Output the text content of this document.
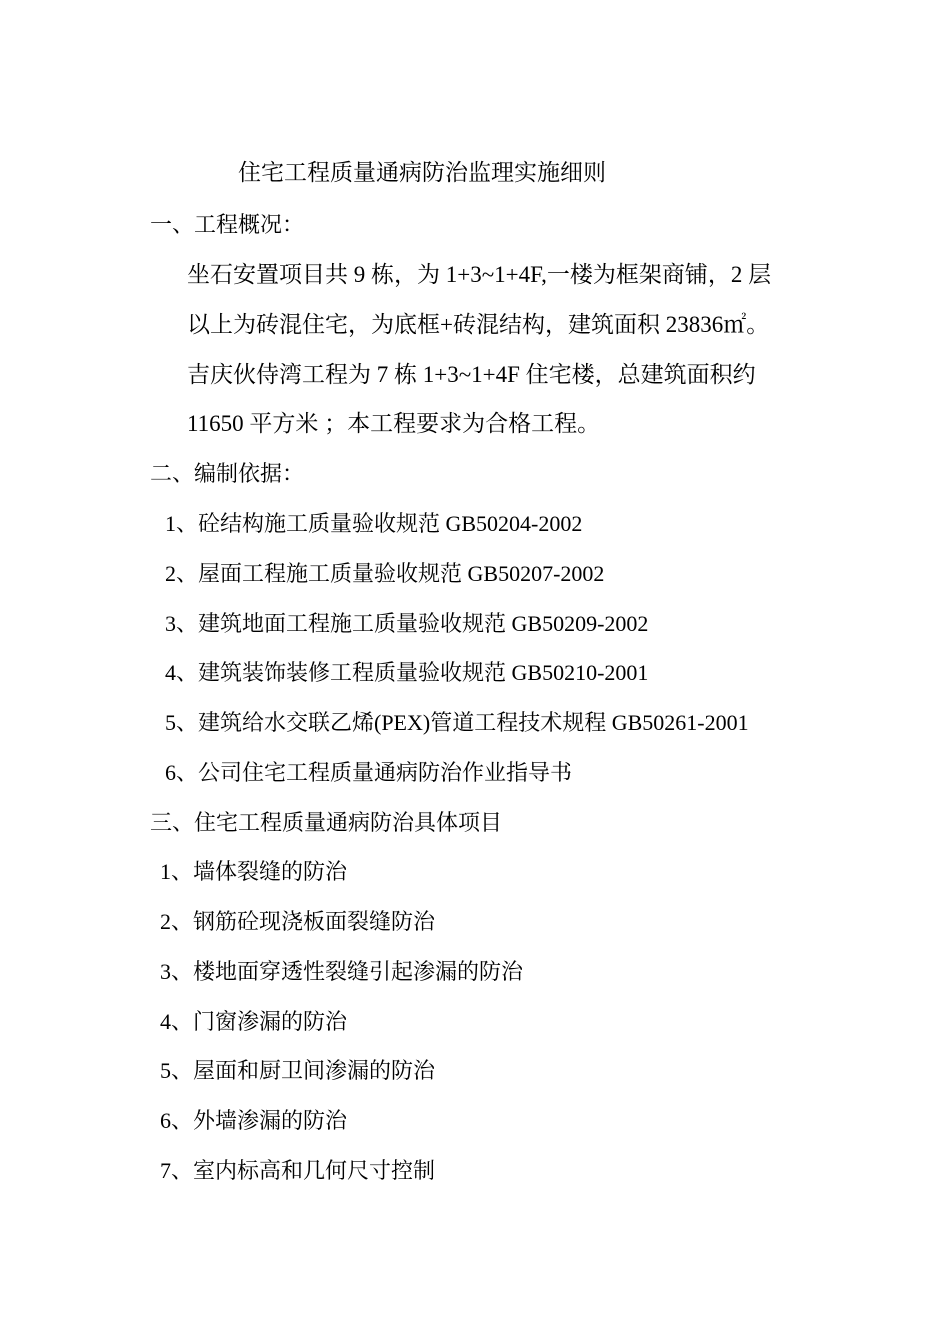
住宅工程质量通病防治监理实施细则
一、工程概况：
坐石安置项目共 9 栋，为 1+3~1+4F,一楼为框架商铺，2 层
以上为砖混住宅，为底框+砖混结构，建筑面积 23836㎡。
吉庆伙侍湾工程为 7 栋 1+3~1+4F 住宅楼，总建筑面积约
11650 平方米 ；本工程要求为合格工程。
二、编制依据：
1、砼结构施工质量验收规范 GB50204-2002
2、屋面工程施工质量验收规范 GB50207-2002
3、建筑地面工程施工质量验收规范 GB50209-2002
4、建筑装饰装修工程质量验收规范 GB50210-2001
5、建筑给水交联乙烯(PEX)管道工程技术规程 GB50261-2001
6、公司住宅工程质量通病防治作业指导书
三、住宅工程质量通病防治具体项目
1、墙体裂缝的防治
2、钢筋砼现浇板面裂缝防治
3、楼地面穿透性裂缝引起渗漏的防治
4、门窗渗漏的防治
5、屋面和厨卫间渗漏的防治
6、外墙渗漏的防治
7、室内标高和几何尺寸控制
